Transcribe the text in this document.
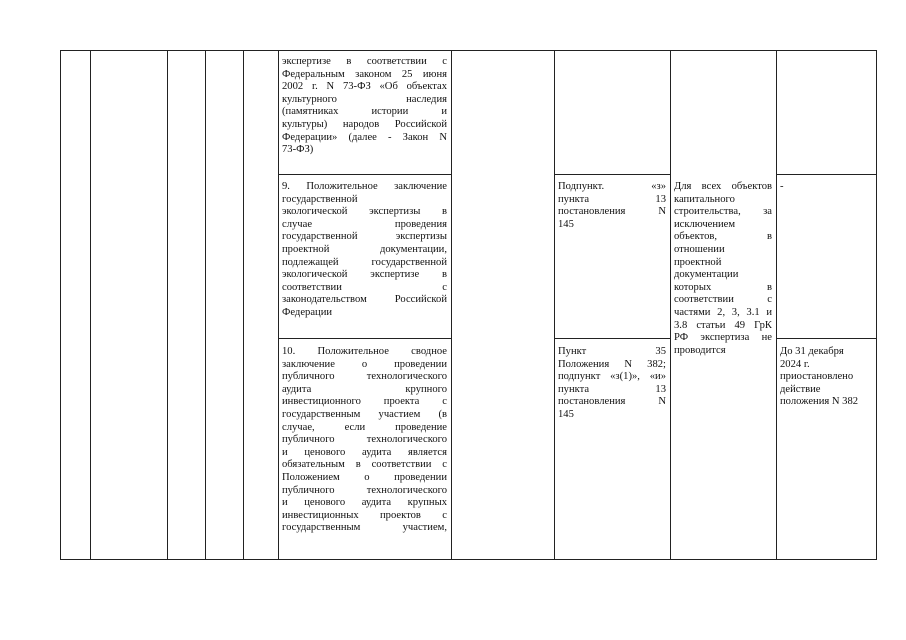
экспертизе в соответствии с
Федеральным законом 25 июня
2002 г. N 73-ФЗ «Об объектах
культурного наследия
(памятниках истории и
культуры) народов Российской
Федерации» (далее - Закон N
73-ФЗ)
9. Положительное заключение
государственной
экологической экспертизы в
случае проведения
государственной экспертизы
проектной документации,
подлежащей государственной
экологической экспертизе в
соответствии с
законодательством Российской
Федерации
Подпункт. «з»
пункта 13
постановления N
145
Для всех объектов
капитального
строительства, за
исключением
объектов, в
отношении
проектной
документации
которых в
соответствии с
частями 2, 3, 3.1 и
3.8 статьи 49 ГрК
РФ экспертиза не
проводится
-
10. Положительное сводное
заключение о проведении
публичного технологического
аудита крупного
инвестиционного проекта с
государственным участием (в
случае, если проведение
публичного технологического
и ценового аудита является
обязательным в соответствии с
Положением о проведении
публичного технологического
и ценового аудита крупных
инвестиционных проектов с
государственным участием,
Пункт 35
Положения N 382;
подпункт «з(1)», «и»
пункта 13
постановления N
145
До 31 декабря
2024 г.
приостановлено
действие
положения N 382
